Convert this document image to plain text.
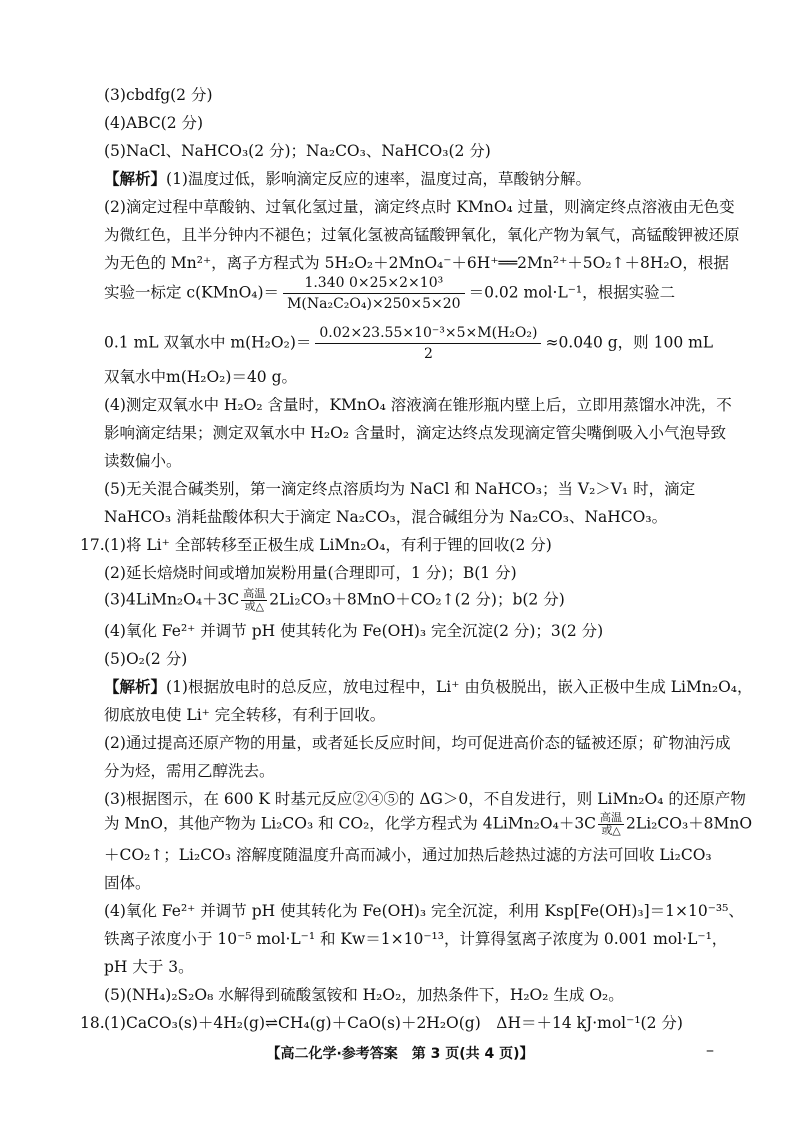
(3)cbdfg(2 分)
(4)ABC(2 分)
(5)NaCl、NaHCO₃(2 分)；Na₂CO₃、NaHCO₃(2 分)
【解析】(1)温度过低，影响滴定反应的速率，温度过高，草酸钠分解。
(2)滴定过程中草酸钠、过氧化氢过量，滴定终点时 KMnO₄ 过量，则滴定终点溶液由无色变
为微红色，且半分钟内不褪色；过氧化氢被高锰酸钾氧化，氧化产物为氧气，高锰酸钾被还原
为无色的 Mn²⁺，离子方程式为 5H₂O₂＋2MnO₄⁻＋6H⁺══2Mn²⁺＋5O₂↑＋8H₂O，根据
实验一标定 c(KMnO₄)＝ $\frac{\text{1.340 0×25×2×10³}}{\text{M(Na₂C₂O₄)×250×5×20}} =0.02$ mol·L⁻¹，根据实验二
0.1 mL 双氧水中 $m(H_2O_2)= \frac{\text{0.02×23.55×10⁻³×5×M(H₂O₂)}}{2} \approx 0.040$ g，则 100 mL
双氧水中m(H₂O₂)＝40 g。
(4)测定双氧水中 H₂O₂ 含量时，KMnO₄ 溶液滴在锥形瓶内壁上后，立即用蒸馏水冲洗，不
影响滴定结果；测定双氧水中 H₂O₂ 含量时，滴定达终点发现滴定管尖嘴倒吸入小气泡导致
读数偏小。
(5)无关混合碱类别，第一滴定终点溶质均为 NaCl 和 NaHCO₃；当 V₂＞V₁ 时，滴定
NaHCO₃ 消耗盐酸体积大于滴定 Na₂CO₃，混合碱组分为 Na₂CO₃、NaHCO₃。
17. (1)将 Li⁺ 全部转移至正极生成 LiMn₂O₄，有利于锂的回收(2 分)
(2)延长焙烧时间或增加炭粉用量(合理即可，1 分)；B(1 分)
(3)4LiMn₂O₄＋3C 高温
或△ 2Li₂CO₃＋8MnO＋CO₂↑(2 分)；b(2 分)
(4)氧化 Fe²⁺ 并调节 pH 使其转化为 Fe(OH)₃ 完全沉淀(2 分)；3(2 分)
(5)O₂(2 分)
【解析】(1)根据放电时的总反应，放电过程中，Li⁺ 由负极脱出，嵌入正极中生成 LiMn₂O₄，
彻底放电使 Li⁺ 完全转移，有利于回收。
(2)通过提高还原产物的用量，或者延长反应时间，均可促进高价态的锰被还原；矿物油污成
分为烃，需用乙醇洗去。
(3)根据图示，在 600 K 时基元反应②④⑤的 ΔG＞0，不自发进行，则 LiMn₂O₄ 的还原产物
为 MnO，其他产物为 Li₂CO₃ 和 CO₂，化学方程式为 4LiMn₂O₄＋3C 高温
或△ 2Li₂CO₃＋8MnO
＋CO₂↑；Li₂CO₃ 溶解度随温度升高而减小，通过加热后趁热过滤的方法可回收 Li₂CO₃
固体。
(4)氧化 Fe²⁺ 并调节 pH 使其转化为 Fe(OH)₃ 完全沉淀，利用 Ksp[Fe(OH)₃]＝1×10⁻³⁵、
铁离子浓度小于 10⁻⁵ mol·L⁻¹ 和 Kw＝1×10⁻¹³，计算得氢离子浓度为 0.001 mol·L⁻¹，
pH 大于 3。
(5)(NH₄)₂S₂O₈ 水解得到硫酸氢铵和 H₂O₂，加热条件下，H₂O₂ 生成 O₂。
18. (1)CaCO₃(s)＋4H₂(g)⇌CH₄(g)＋CaO(s)＋2H₂O(g)　ΔH＝＋14 kJ·mol⁻¹(2 分)
【高二化学·参考答案　第 3 页(共 4 页)】	–
